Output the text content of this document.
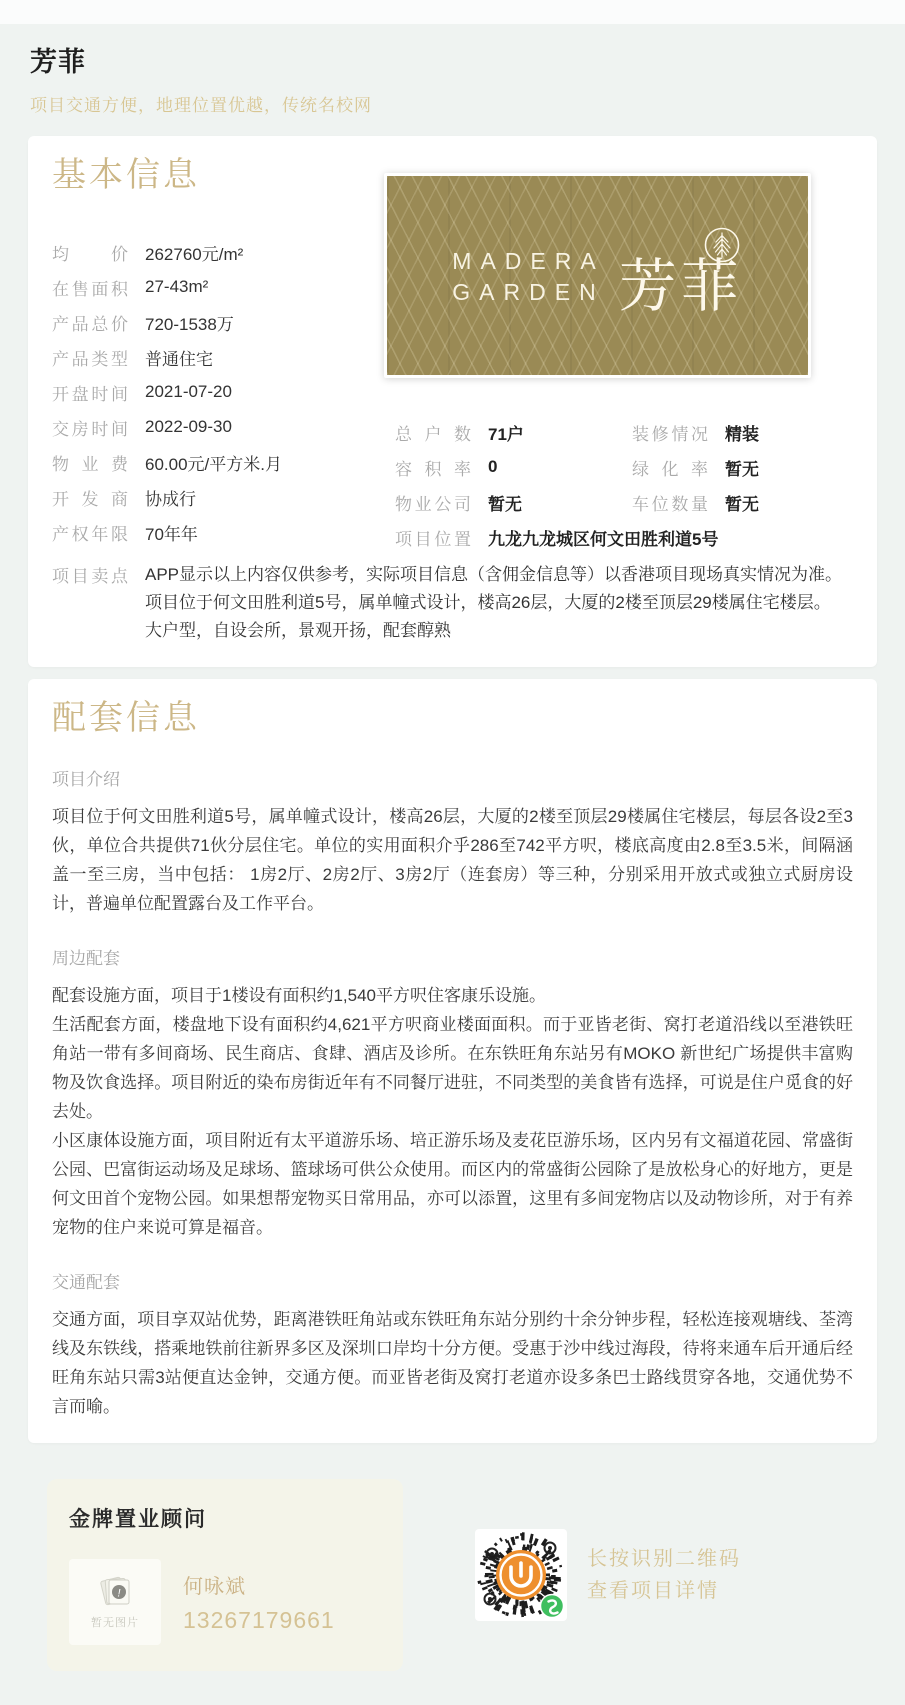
芳菲
项目交通方便，地理位置优越，传统名校网
基本信息
均价 262760元/m²
在售面积 27-43m²
产品总价 720-1538万
产品类型 普通住宅
开盘时间 2021-07-20
交房时间 2022-09-30
物业费 60.00元/平方米.月
开发商 协成行
产权年限 70年年
MADERA
GARDEN 芳菲
总户数 71户	装修情况 精装
容积率 0	绿化率 暂无
物业公司 暂无	车位数量 暂无
项目位置 九龙九龙城区何文田胜利道5号
项目卖点 APP显示以上内容仅供参考，实际项目信息（含佣金信息等）以香港项目现场真实情况为准。

项目位于何文田胜利道5号，属单幢式设计，楼高26层，大厦的2楼至顶层29楼属住宅楼层。

大户型，自设会所，景观开扬，配套醇熟

配套信息
项目介绍

项目位于何文田胜利道5号，属单幢式设计，楼高26层，大厦的2楼至顶层29楼属住宅楼层，每层各设2至3伙，单位合共提供71伙分层住宅。单位的实用面积介乎286至742平方呎，楼底高度由2.8至3.5米，间隔涵盖一至三房，当中包括： 1房2厅、2房2厅、3房2厅（连套房）等三种，分别采用开放式或独立式厨房设计，普遍单位配置露台及工作平台。

周边配套

配套设施方面，项目于1楼设有面积约1,540平方呎住客康乐设施。

生活配套方面，楼盘地下设有面积约4,621平方呎商业楼面面积。而于亚皆老街、窝打老道沿线以至港铁旺角站一带有多间商场、民生商店、食肆、酒店及诊所。在东铁旺角东站另有MOKO 新世纪广场提供丰富购物及饮食选择。项目附近的染布房街近年有不同餐厅进驻，不同类型的美食皆有选择，可说是住户觅食的好去处。

小区康体设施方面，项目附近有太平道游乐场、培正游乐场及麦花臣游乐场，区内另有文福道花园、常盛街公园、巴富街运动场及足球场、篮球场可供公众使用。而区内的常盛街公园除了是放松身心的好地方，更是何文田首个宠物公园。如果想帮宠物买日常用品，亦可以添置，这里有多间宠物店以及动物诊所，对于有养宠物的住户来说可算是福音。

交通配套

交通方面，项目享双站优势，距离港铁旺角站或东铁旺角东站分别约十余分钟步程，轻松连接观塘线、荃湾线及东铁线，搭乘地铁前往新界多区及深圳口岸均十分方便。受惠于沙中线过海段，待将来通车后开通后经旺角东站只需3站便直达金钟，交通方便。而亚皆老街及窝打老道亦设多条巴士路线贯穿各地，交通优势不言而喻。

金牌置业顾问
!
暂无图片
何咏斌
13267179661
长按识别二维码
查看项目详情
